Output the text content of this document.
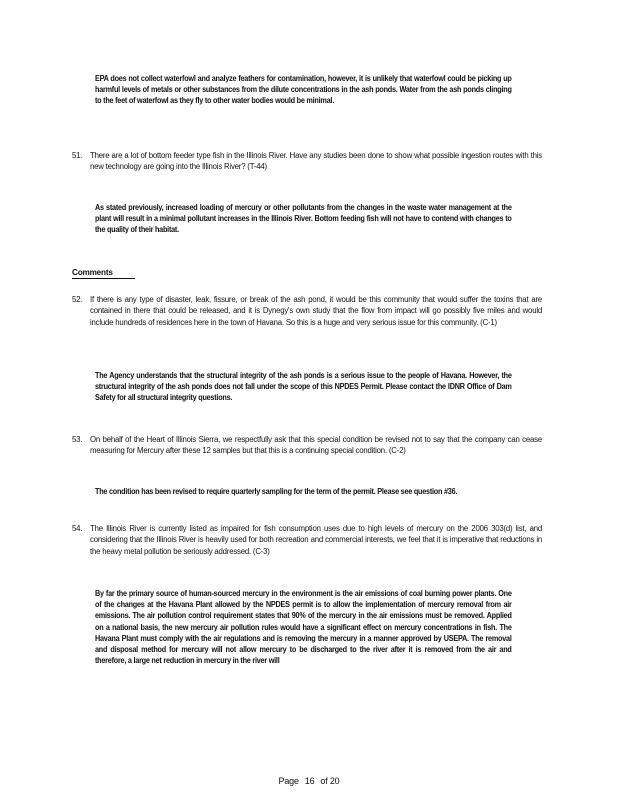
EPA does not collect waterfowl and analyze feathers for contamination, however, it is unlikely that waterfowl could be picking up harmful levels of metals or other substances from the dilute concentrations in the ash ponds. Water from the ash ponds clinging to the feet of waterfowl as they fly to other water bodies would be minimal.

51. There are a lot of bottom feeder type fish in the Illinois River. Have any studies been done to show what possible ingestion routes with this new technology are going into the Illinois River? (T-44)

As stated previously, increased loading of mercury or other pollutants from the changes in the waste water management at the plant will result in a minimal pollutant increases in the Illinois River. Bottom feeding fish will not have to contend with changes to the quality of their habitat.

Comments
52. If there is any type of disaster, leak, fissure, or break of the ash pond, it would be this community that would suffer the toxins that are contained in there that could be released, and it is Dynegy's own study that the flow from impact will go possibly five miles and would include hundreds of residences here in the town of Havana. So this is a huge and very serious issue for this community. (C-1)

The Agency understands that the structural integrity of the ash ponds is a serious issue to the people of Havana. However, the structural integrity of the ash ponds does not fall under the scope of this NPDES Permit. Please contact the IDNR Office of Dam Safety for all structural integrity questions.

53. On behalf of the Heart of Illinois Sierra, we respectfully ask that this special condition be revised not to say that the company can cease measuring for Mercury after these 12 samples but that this is a continuing special condition. (C-2)

The condition has been revised to require quarterly sampling for the term of the permit. Please see question #36.

54. The Illinois River is currently listed as impaired for fish consumption uses due to high levels of mercury on the 2006 303(d) list, and considering that the Illinois River is heavily used for both recreation and commercial interests, we feel that it is imperative that reductions in the heavy metal pollution be seriously addressed. (C-3)

By far the primary source of human-sourced mercury in the environment is the air emissions of coal burning power plants. One of the changes at the Havana Plant allowed by the NPDES permit is to allow the implementation of mercury removal from air emissions. The air pollution control requirement states that 90% of the mercury in the air emissions must be removed. Applied on a national basis, the new mercury air pollution rules would have a significant effect on mercury concentrations in fish. The Havana Plant must comply with the air regulations and is removing the mercury in a manner approved by USEPA. The removal and disposal method for mercury will not allow mercury to be discharged to the river after it is removed from the air and therefore, a large net reduction in mercury in the river will

Page 16 of 20
